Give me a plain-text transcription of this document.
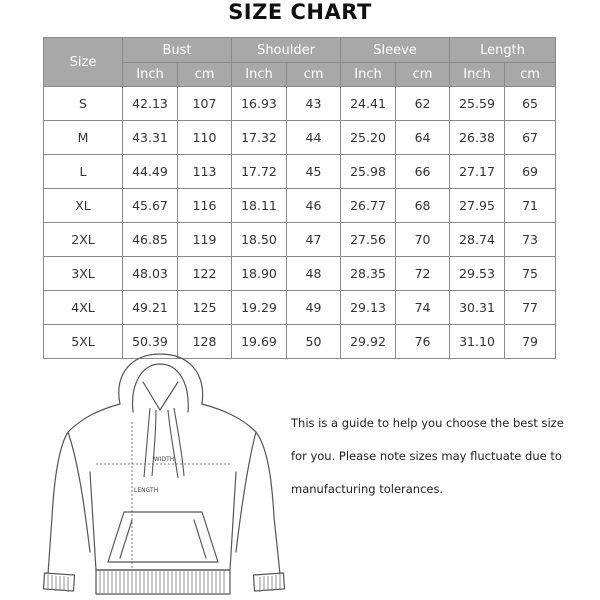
SIZE CHART
Size	Bust		Shoulder		Sleeve		Length	
	Inch	cm	Inch	cm	Inch	cm	Inch	cm
S	42.13	107	16.93	43	24.41	62	25.59	65
M	43.31	110	17.32	44	25.20	64	26.38	67
L	44.49	113	17.72	45	25.98	66	27.17	69
XL	45.67	116	18.11	46	26.77	68	27.95	71
2XL	46.85	119	18.50	47	27.56	70	28.74	73
3XL	48.03	122	18.90	48	28.35	72	29.53	75
4XL	49.21	125	19.29	49	29.13	74	30.31	77
5XL	50.39	128	19.69	50	29.92	76	31.10	79
WIDTH
LENGTH
This is a guide to help you choose the best size
for you. Please note sizes may fluctuate due to
manufacturing tolerances.
